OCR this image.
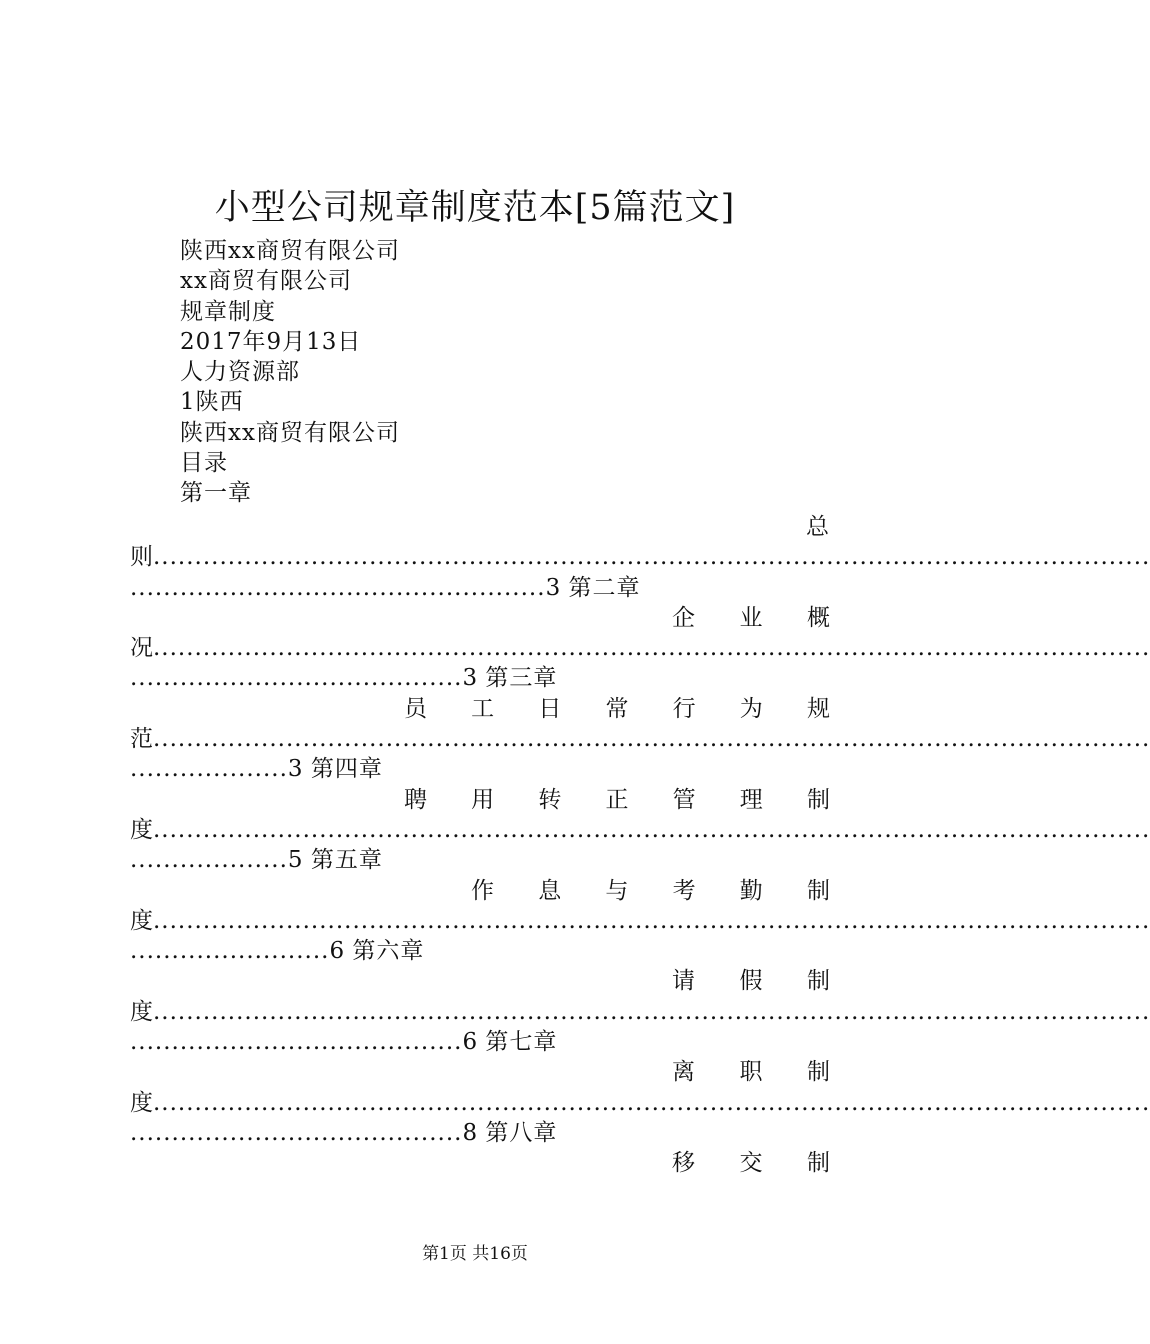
小型公司规章制度范本[5篇范文]
陕西xx商贸有限公司
xx商贸有限公司
规章制度
2017年9月13日
人力资源部
1陕西
陕西xx商贸有限公司
目录
第一章
总
则........................................................................................................................
..................................................3 第二章
企 业 概
况........................................................................................................................
........................................3 第三章
员 工 日 常 行 为 规
范........................................................................................................................
...................3 第四章
聘 用 转 正 管 理 制
度........................................................................................................................
...................5 第五章
作 息 与 考 勤 制
度........................................................................................................................
........................6 第六章
请 假 制
度........................................................................................................................
........................................6 第七章
离 职 制
度........................................................................................................................
........................................8 第八章
移 交 制
第1页 共16页
